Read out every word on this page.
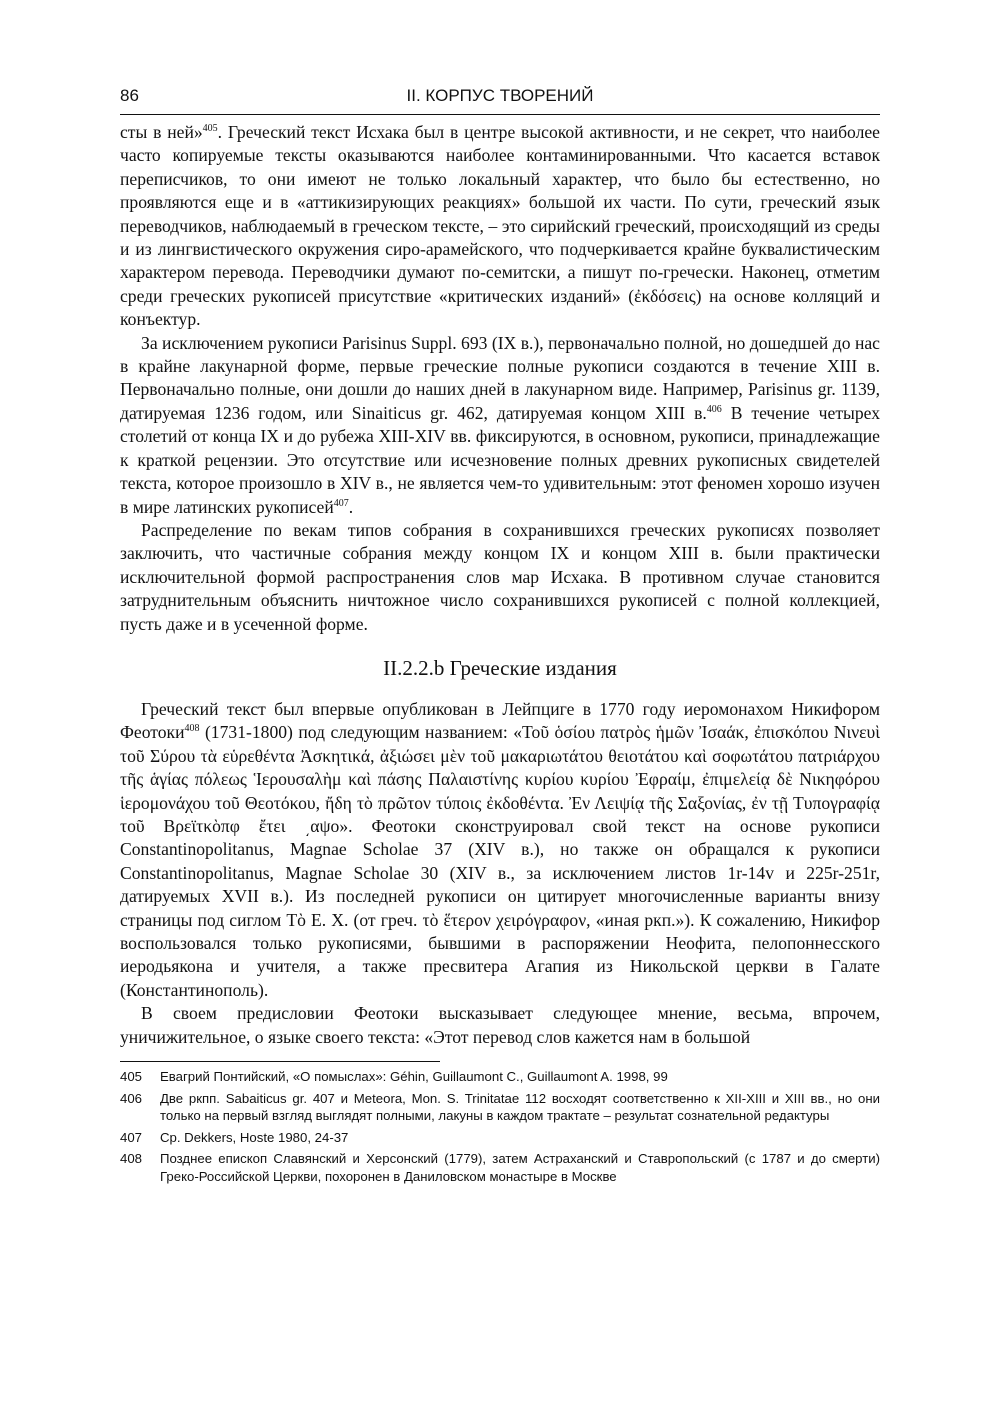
86	II. КОРПУС ТВОРЕНИЙ

сты в ней»$^{405}$. Греческий текст Исхака был в центре высокой активности, и не секрет, что наиболее часто копируемые тексты оказываются наиболее контаминированными. Что касается вставок переписчиков, то они имеют не только локальный характер, что было бы естественно, но проявляются еще и в «аттикизирующих реакциях» большой их части. По сути, греческий язык переводчиков, наблюдаемый в греческом тексте, – это сирийский греческий, происходящий из среды и из лингвистического окружения сиро-арамейского, что подчеркивается крайне буквалистическим характером перевода. Переводчики думают по-семитски, а пишут по-гречески. Наконец, отметим среди греческих рукописей присутствие «критических изданий» (ἐκδόσεις) на основе колляций и конъектур.

За исключением рукописи Parisinus Suppl. 693 (IX в.), первоначально полной, но дошедшей до нас в крайне лакунарной форме, первые греческие полные рукописи создаются в течение XIII в. Первоначально полные, они дошли до наших дней в лакунарном виде. Например, Parisinus gr. 1139, датируемая 1236 годом, или Sinaiticus gr. 462, датируемая концом XIII в.$^{406}$ В течение четырех столетий от конца IX и до рубежа XIII-XIV вв. фиксируются, в основном, рукописи, принадлежащие к краткой рецензии. Это отсутствие или исчезновение полных древних рукописных свидетелей текста, которое произошло в XIV в., не является чем-то удивительным: этот феномен хорошо изучен в мире латинских рукописей$^{407}$.

Распределение по векам типов собрания в сохранившихся греческих рукописях позволяет заключить, что частичные собрания между концом IX и концом XIII в. были практически исключительной формой распространения слов мар Исхака. В противном случае становится затруднительным объяснить ничтожное число сохранившихся рукописей с полной коллекцией, пусть даже и в усеченной форме.

II.2.2.b Греческие издания

Греческий текст был впервые опубликован в Лейпциге в 1770 году иеромонахом Никифором Феотоки$^{408}$ (1731-1800) под следующим названием: «Τοῦ ὁσίου πατρὸς ἡμῶν Ἰσαάκ, ἐπισκόπου Νινευὶ τοῦ Σύρου τὰ εὑρεθέντα Ἀσκητικά, ἀξιώσει μὲν τοῦ μακαριωτάτου θειοτάτου καὶ σοφωτάτου πατριάρχου τῆς ἁγίας πόλεως Ἱερουσαλὴμ καὶ πάσης Παλαιστίνης κυρίου κυρίου Ἐφραίμ, ἐπιμελείᾳ δὲ Νικηφόρου ἱερομονάχου τοῦ Θεοτόκου, ἤδη τὸ πρῶτον τύποις ἐκδοθέντα. Ἐν Λειψίᾳ τῆς Σαξονίας, ἐν τῇ Τυπογραφίᾳ τοῦ Βρεϊτκὸπφ ἔτει ͵αψο». Феотоки сконструировал свой текст на основе рукописи Constantinopolitanus, Magnae Scholae 37 (XIV в.), но также он обращался к рукописи Constantinopolitanus, Magnae Scholae 30 (XIV в., за исключением листов 1r-14v и 225r-251r, датируемых XVII в.). Из последней рукописи он цитирует многочисленные варианты внизу страницы под сиглом Τὸ Ε. Χ. (от греч. τὸ ἕτερον χειρόγραφον, «иная ркп.»). К сожалению, Никифор воспользовался только рукописями, бывшими в распоряжении Неофита, пелопоннесского иеродьякона и учителя, а также пресвитера Агапия из Никольской церкви в Галате (Константинополь).

В своем предисловии Феотоки высказывает следующее мнение, весьма, впрочем, уничижительное, о языке своего текста: «Этот перевод слов кажется нам в большой

405	Евагрий Понтийский, «О помыслах»: Géhin, Guillaumont C., Guillaumont A. 1998, 99
406	Две ркпп. Sabaiticus gr. 407 и Meteora, Mon. S. Trinitatae 112 восходят соответственно к XII-XIII и XIII вв., но они только на первый взгляд выглядят полными, лакуны в каждом трактате – результат сознательной редактуры
407	Ср. Dekkers, Hoste 1980, 24-37
408	Позднее епископ Славянский и Херсонский (1779), затем Астраханский и Ставропольский (с 1787 и до смерти) Греко-Российской Церкви, похоронен в Даниловском монастыре в Москве
